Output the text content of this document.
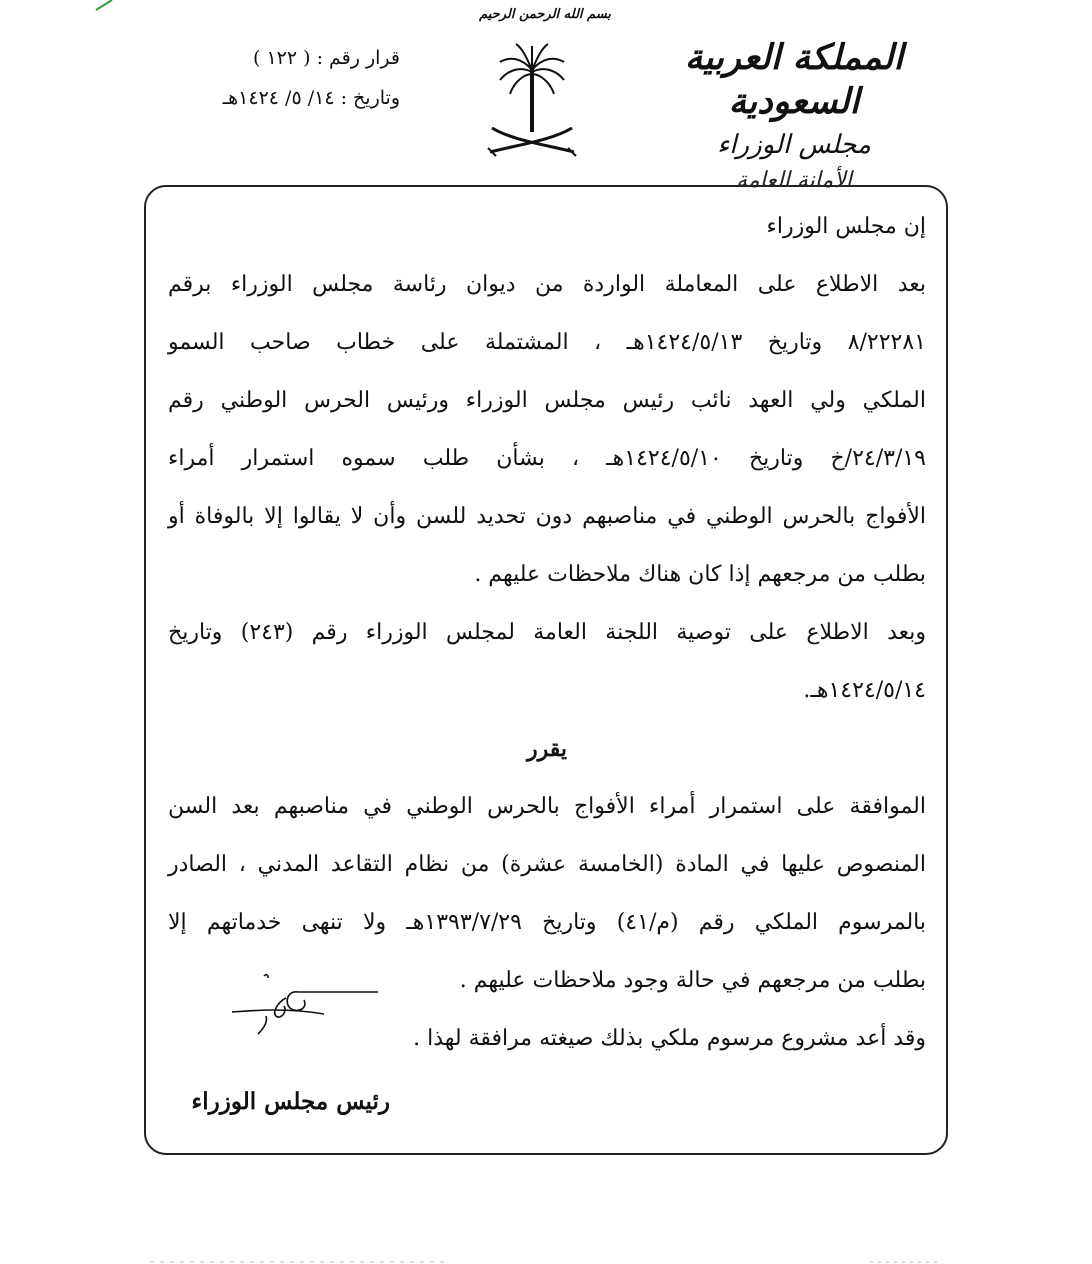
بسم الله الرحمن الرحيم
المملكة العربية السعودية
مجلس الوزراء
الأمانة العامة
قرار رقم : ( ١٢٢ )
وتاريخ : ١٤/ ٥/ ١٤٢٤هـ
إن مجلس الوزراء
بعد الاطلاع على المعاملة الواردة من ديوان رئاسة مجلس الوزراء برقم
٨/٢٢٢٨١ وتاريخ ١٤٢٤/٥/١٣هـ ، المشتملة على خطاب صاحب السمو
الملكي ولي العهد نائب رئيس مجلس الوزراء ورئيس الحرس الوطني رقم
٢٤/٣/١٩/خ وتاريخ ١٤٢٤/٥/١٠هـ ، بشأن طلب سموه استمرار أمراء
الأفواج بالحرس الوطني في مناصبهم دون تحديد للسن وأن لا يقالوا إلا بالوفاة أو
بطلب من مرجعهم إذا كان هناك ملاحظات عليهم .
وبعد الاطلاع على توصية اللجنة العامة لمجلس الوزراء رقم (٢٤٣) وتاريخ
١٤٢٤/٥/١٤هـ.
يقرر
الموافقة على استمرار أمراء الأفواج بالحرس الوطني في مناصبهم بعد السن
المنصوص عليها في المادة (الخامسة عشرة) من نظام التقاعد المدني ، الصادر
بالمرسوم الملكي رقم (م/٤١) وتاريخ ١٣٩٣/٧/٢٩هـ ولا تنهى خدماتهم إلا
بطلب من مرجعهم في حالة وجود ملاحظات عليهم .
وقد أعد مشروع مرسوم ملكي بذلك صيغته مرافقة لهذا .
رئيس مجلس الوزراء
